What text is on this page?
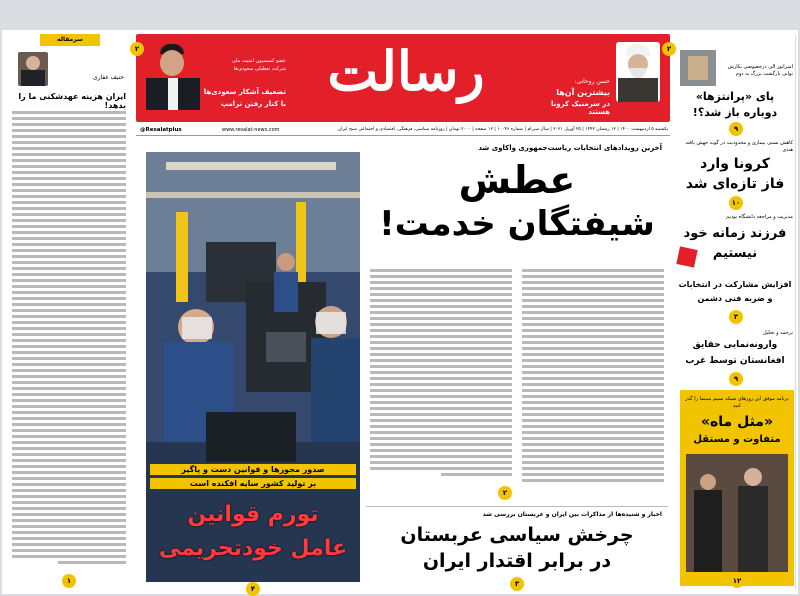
سرمقاله
حنیف غفاری
ایران هزینه عهدشکنی ما را بدهد!
۱
خسن روحانی:
بیشترین آن‌ها
در سرمنیک کرونا هستند
رسالت
عضو کمیسیون امنیت ملی
شرکت تعطیلی سعودی‌ها
تضعیف آشکار سعودی‌ها
با کنار رفتن ترامپ
۲	۲
یکشنبه ۵ اردیبهشت ۱۴۰۰ | ۱۲ رمضان ۱۴۴۲ | ۲۵ آوریل ۲۰۲۱ | سال سی‌ام | شماره ۱۰۰۴۶ | ۱۲ صفحه | ۲۰۰۰ تومان | روزنامه سیاسی، فرهنگی، اقتصادی و اجتماعی صبح ایران
www.resalat-news.com
@Resalatplus
صدور مجوزها و قوانین دست و پاگیر
بر تولید کشور سایه افکنده است
تورم قوانین
عامل خودتحریمی
۴
آخرین رویدادهای انتخابات ریاست‌جمهوری واکاوی شد
عطش
شیفتگان خدمت!
۲
اخبار و شنیده‌ها از مذاکرات بین ایران و عربستان بررسی شد
چرخش سیاسی عربستان
در برابر اقتدار ایران
۳
امپراتور الی درخصوصی نکارش نوابی بازگشت بزرگ به دوم
پای «پرانتزها»
دوباره باز شد؟!
۹
کاهش نسبی بیماری و محدودیت در گونه جهش یافته هندی
کرونا وارد
فاز تازه‌ای شد
۱۰
مدیریت و مراجعه دانشگاه بودیم
فرزند زمانه خود
نیستیم
افزایش مشارکت در انتخابات
و ضربه فنی دشمن
۳
ترجمه و تحلیل
وارونه‌نمایی حقایق
افغانستان توسط غرب
۹
برنامه موفق این روزهای شبکه نسیم سینما را گذر کنید
«مثل ماه»
متفاوت و مستقل
۱۲
